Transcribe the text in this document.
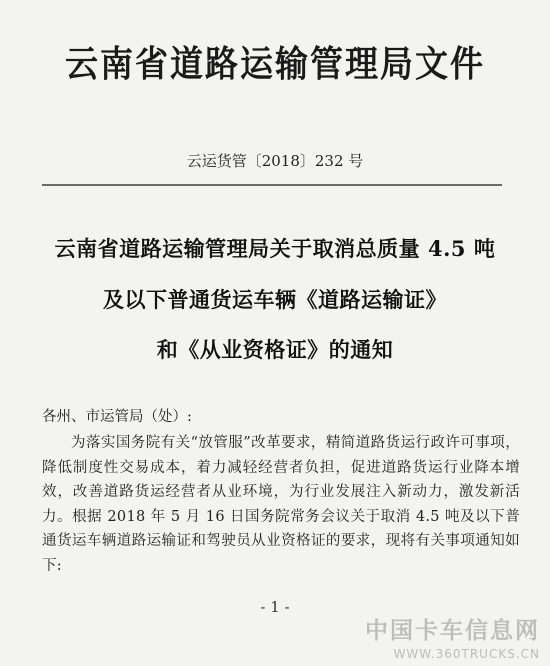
云南省道路运输管理局文件
云运货管〔2018〕232 号
云南省道路运输管理局关于取消总质量 4.5 吨
及以下普通货运车辆《道路运输证》
和《从业资格证》的通知
各州、市运管局（处）:
为落实国务院有关“放管服”改革要求，精简道路货运行政许可事项，降低制度性交易成本，着力减轻经营者负担，促进道路货运行业降本增效，改善道路货运经营者从业环境，为行业发展注入新动力，激发新活力。根据 2018 年 5 月 16 日国务院常务会议关于取消 4.5 吨及以下普通货运车辆道路运输证和驾驶员从业资格证的要求，现将有关事项通知如下:
- 1 -
中国卡车信息网
WWW.360TRUCKS.CN
